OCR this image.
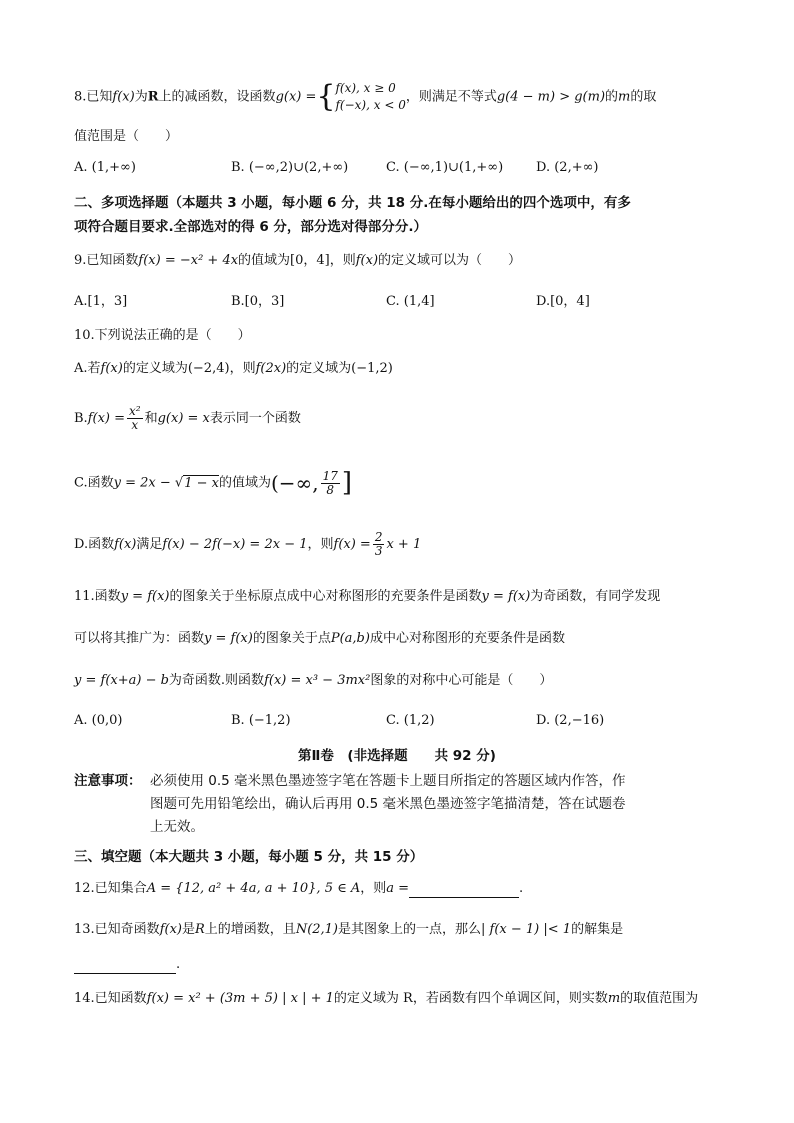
8.已知f(x)为R上的减函数，设函数g(x) ={ f(x), x ≥ 0
f(−x), x < 0
，则满足不等式g(4 − m) > g(m)的m的取
值范围是（　　）
A. (1,+∞)	B. (−∞,2)∪(2,+∞)	C. (−∞,1)∪(1,+∞)	D. (2,+∞)
二、多项选择题（本题共 3 小题，每小题 6 分，共 18 分.在每小题给出的四个选项中，有多
项符合题目要求.全部选对的得 6 分，部分选对得部分分.）
9.已知函数f(x) = −x² + 4x的值域为[0，4]，则f(x)的定义域可以为（　　）
A.[1，3]	B.[0，3]	C. (1,4]	D.[0，4]
10.下列说法正确的是（　　）
A.若f(x)的定义域为(−2,4)，则f(2x)的定义域为(−1,2)
$B.f(x) = \frac{\text{x²}}{x}$ 和g(x) = x表示同一个函数
C.函数y = 2x − √1 − x的值域为(−∞, $\frac{17}{8}$ ]
D.函数f(x)满足f(x) − 2f(−x) = 2x − 1，则$f(x) = \frac{2}{3}$ x + 1
11.函数y = f(x)的图象关于坐标原点成中心对称图形的充要条件是函数y = f(x)为奇函数，有同学发现
可以将其推广为：函数y = f(x)的图象关于点P(a,b)成中心对称图形的充要条件是函数
y = f(x+a) − b为奇函数.则函数f(x) = x³ − 3mx²图象的对称中心可能是（　　）
A. (0,0)	B. (−1,2)	C. (1,2)	D. (2,−16)
第Ⅱ卷　(非选择题　　共 92 分)
注意事项： 必须使用 0.5 毫米黑色墨迹签字笔在答题卡上题目所指定的答题区域内作答，作
图题可先用铅笔绘出，确认后再用 0.5 毫米黑色墨迹签字笔描清楚，答在试题卷
上无效。
三、填空题（本大题共 3 小题，每小题 5 分，共 15 分）
12.已知集合A = {12, a² + 4a, a + 10}, 5 ∈ A，则a =	.
13.已知奇函数f(x)是R上的增函数，且N(2,1)是其图象上的一点，那么| f(x − 1) |< 1的解集是
.
14.已知函数f(x) = x² + (3m + 5) | x | + 1的定义域为 R，若函数有四个单调区间，则实数m的取值范围为
